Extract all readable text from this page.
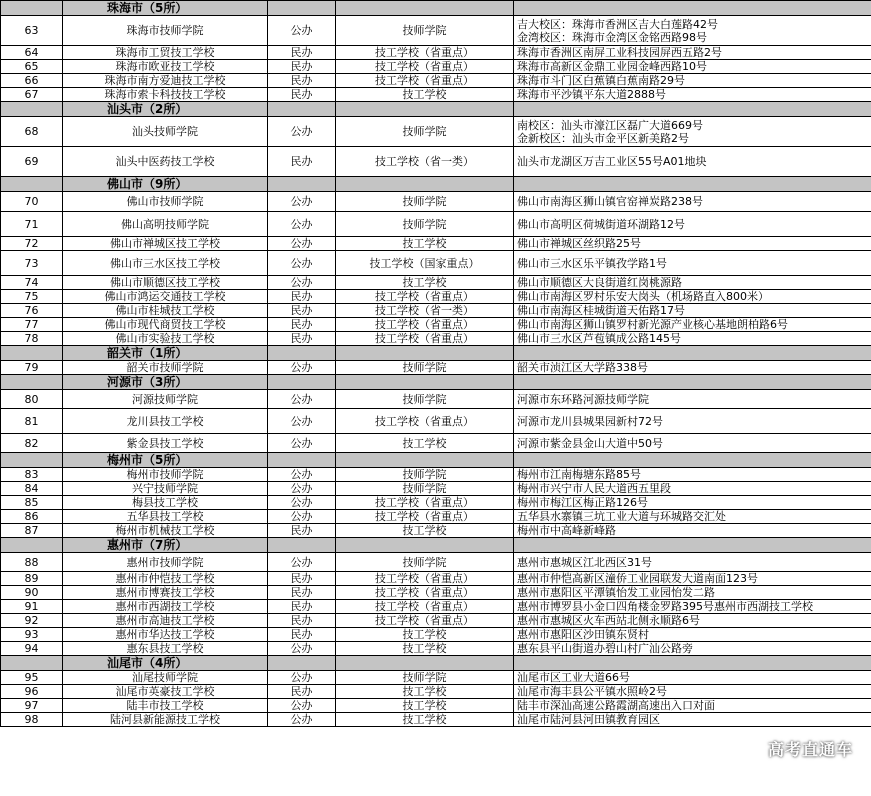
	珠海市（5所）			
63	珠海市技师学院	公办	技师学院	吉大校区：珠海市香洲区吉大白莲路42号
金湾校区：珠海市金湾区金铭西路98号

64	珠海市工贸技工学校	民办	技工学校（省重点）	珠海市香洲区南屏工业科技园屏西五路2号

65	珠海市欧亚技工学校	民办	技工学校（省重点）	珠海市高新区金鼎工业园金峰西路10号

66	珠海市南方爱迪技工学校	民办	技工学校（省重点）	珠海市斗门区白蕉镇白蕉南路29号

67	珠海市索卡科技技工学校	民办	技工学校	珠海市平沙镇平东大道2888号

	汕头市（2所）			
68	汕头技师学院	公办	技师学院	南校区：汕头市濠江区磊广大道669号
金新校区：汕头市金平区新美路2号

69	汕头中医药技工学校	民办	技工学校（省一类）	汕头市龙湖区万吉工业区55号A01地块

	佛山市（9所）			
70	佛山市技师学院	公办	技师学院	佛山市南海区狮山镇官窑禅炭路238号

71	佛山高明技师学院	公办	技师学院	佛山市高明区荷城街道环湖路12号

72	佛山市禅城区技工学校	公办	技工学校	佛山市禅城区丝织路25号

73	佛山市三水区技工学校	公办	技工学校（国家重点）	佛山市三水区乐平镇孜学路1号

74	佛山市顺德区技工学校	公办	技工学校	佛山市顺德区大良街道红岗桃源路

75	佛山市鸿运交通技工学校	民办	技工学校（省重点）	佛山市南海区罗村乐安大岗头（机场路直入800米）

76	佛山市桂城技工学校	民办	技工学校（省一类）	佛山市南海区桂城街道天佑路17号

77	佛山市现代商贸技工学校	民办	技工学校（省重点）	佛山市南海区狮山镇罗村新光源产业核心基地朗柏路6号

78	佛山市实验技工学校	民办	技工学校（省重点）	佛山市三水区芦苞镇成公路145号

	韶关市（1所）			
79	韶关市技师学院	公办	技师学院	韶关市浈江区大学路338号

	河源市（3所）			
80	河源技师学院	公办	技师学院	河源市东环路河源技师学院

81	龙川县技工学校	公办	技工学校（省重点）	河源市龙川县城果园新村72号

82	紫金县技工学校	公办	技工学校	河源市紫金县金山大道中50号

	梅州市（5所）			
83	梅州市技师学院	公办	技师学院	梅州市江南梅塘东路85号

84	兴宁技师学院	公办	技师学院	梅州市兴宁市人民大道西五里段

85	梅县技工学校	公办	技工学校（省重点）	梅州市梅江区梅正路126号

86	五华县技工学校	公办	技工学校（省重点）	五华县水寨镇三坑工业大道与环城路交汇处

87	梅州市机械技工学校	民办	技工学校	梅州市中高峰新峰路

	惠州市（7所）			
88	惠州市技师学院	公办	技师学院	惠州市惠城区江北西区31号

89	惠州市仲恺技工学校	民办	技工学校（省重点）	惠州市仲恺高新区潼侨工业园联发大道南面123号

90	惠州市博赛技工学校	民办	技工学校（省重点）	惠州市惠阳区平潭镇怡发工业园怡发二路

91	惠州市西湖技工学校	民办	技工学校（省重点）	惠州市博罗县小金口四角楼金罗路395号惠州市西湖技工学校

92	惠州市高迪技工学校	民办	技工学校（省重点）	惠州市惠城区火车西站北侧永顺路6号

93	惠州市华达技工学校	民办	技工学校	惠州市惠阳区沙田镇东贤村

94	惠东县技工学校	公办	技工学校	惠东县平山街道办碧山村广汕公路旁

	汕尾市（4所）			
95	汕尾技师学院	公办	技师学院	汕尾市区工业大道66号

96	汕尾市英豪技工学校	民办	技工学校	汕尾市海丰县公平镇水照岭2号

97	陆丰市技工学校	公办	技工学校	陆丰市深汕高速公路霞湖高速出入口对面

98	陆河县新能源技工学校	公办	技工学校	汕尾市陆河县河田镇教育园区
高考直通车
